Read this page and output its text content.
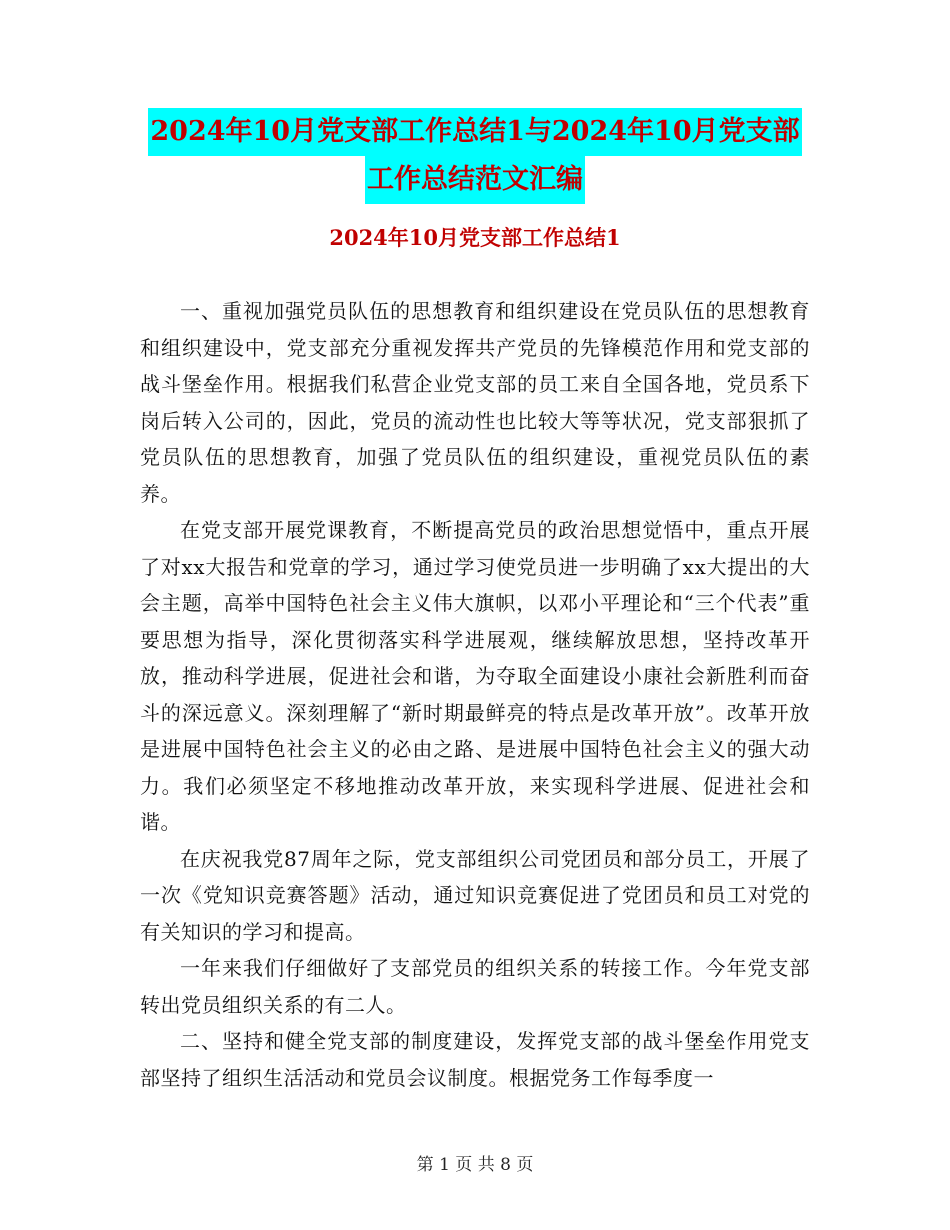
2024年10月党支部工作总结1与2024年10月党支部
工作总结范文汇编
2024年10月党支部工作总结1

一、重视加强党员队伍的思想教育和组织建设在党员队伍的思想教育和组织建设中，党支部充分重视发挥共产党员的先锋模范作用和党支部的战斗堡垒作用。根据我们私营企业党支部的员工来自全国各地，党员系下岗后转入公司的，因此，党员的流动性也比较大等等状况，党支部狠抓了党员队伍的思想教育，加强了党员队伍的组织建设，重视党员队伍的素养。

在党支部开展党课教育，不断提高党员的政治思想觉悟中，重点开展了对xx大报告和党章的学习，通过学习使党员进一步明确了xx大提出的大会主题，高举中国特色社会主义伟大旗帜，以邓小平理论和“三个代表”重要思想为指导，深化贯彻落实科学进展观，继续解放思想，坚持改革开放，推动科学进展，促进社会和谐，为夺取全面建设小康社会新胜利而奋斗的深远意义。深刻理解了“新时期最鲜亮的特点是改革开放”。改革开放是进展中国特色社会主义的必由之路、是进展中国特色社会主义的强大动力。我们必须坚定不移地推动改革开放，来实现科学进展、促进社会和谐。

在庆祝我党87周年之际，党支部组织公司党团员和部分员工，开展了一次《党知识竞赛答题》活动，通过知识竞赛促进了党团员和员工对党的有关知识的学习和提高。

一年来我们仔细做好了支部党员的组织关系的转接工作。今年党支部转出党员组织关系的有二人。

二、坚持和健全党支部的制度建设，发挥党支部的战斗堡垒作用党支部坚持了组织生活活动和党员会议制度。根据党务工作每季度一

第 1 页 共 8 页
